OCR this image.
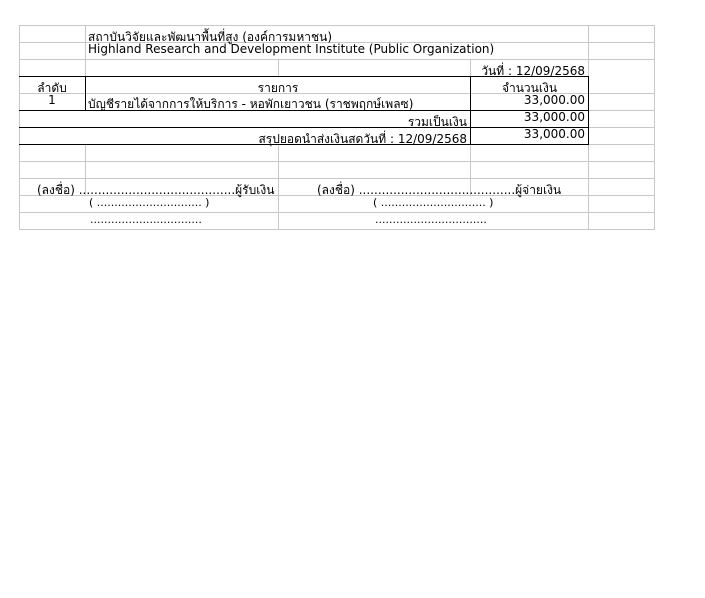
สถาบันวิจัยและพัฒนาพื้นที่สูง (องค์การมหาชน)
Highland Research and Development Institute (Public Organization)
วันที่ : 12/09/2568
ลำดับ	รายการ	จำนวนเงิน
1	บัญชีรายได้จากการให้บริการ - หอพักเยาวชน (ราชพฤกษ์เพลซ)	33,000.00
รวมเป็นเงิน	33,000.00
สรุปยอดนำส่งเงินสดวันที่ : 12/09/2568	33,000.00
(ลงชื่อ) .........................................ผู้รับเงิน	(ลงชื่อ) .........................................ผู้จ่ายเงิน
( .............................. )	( .............................. )
................................	................................
